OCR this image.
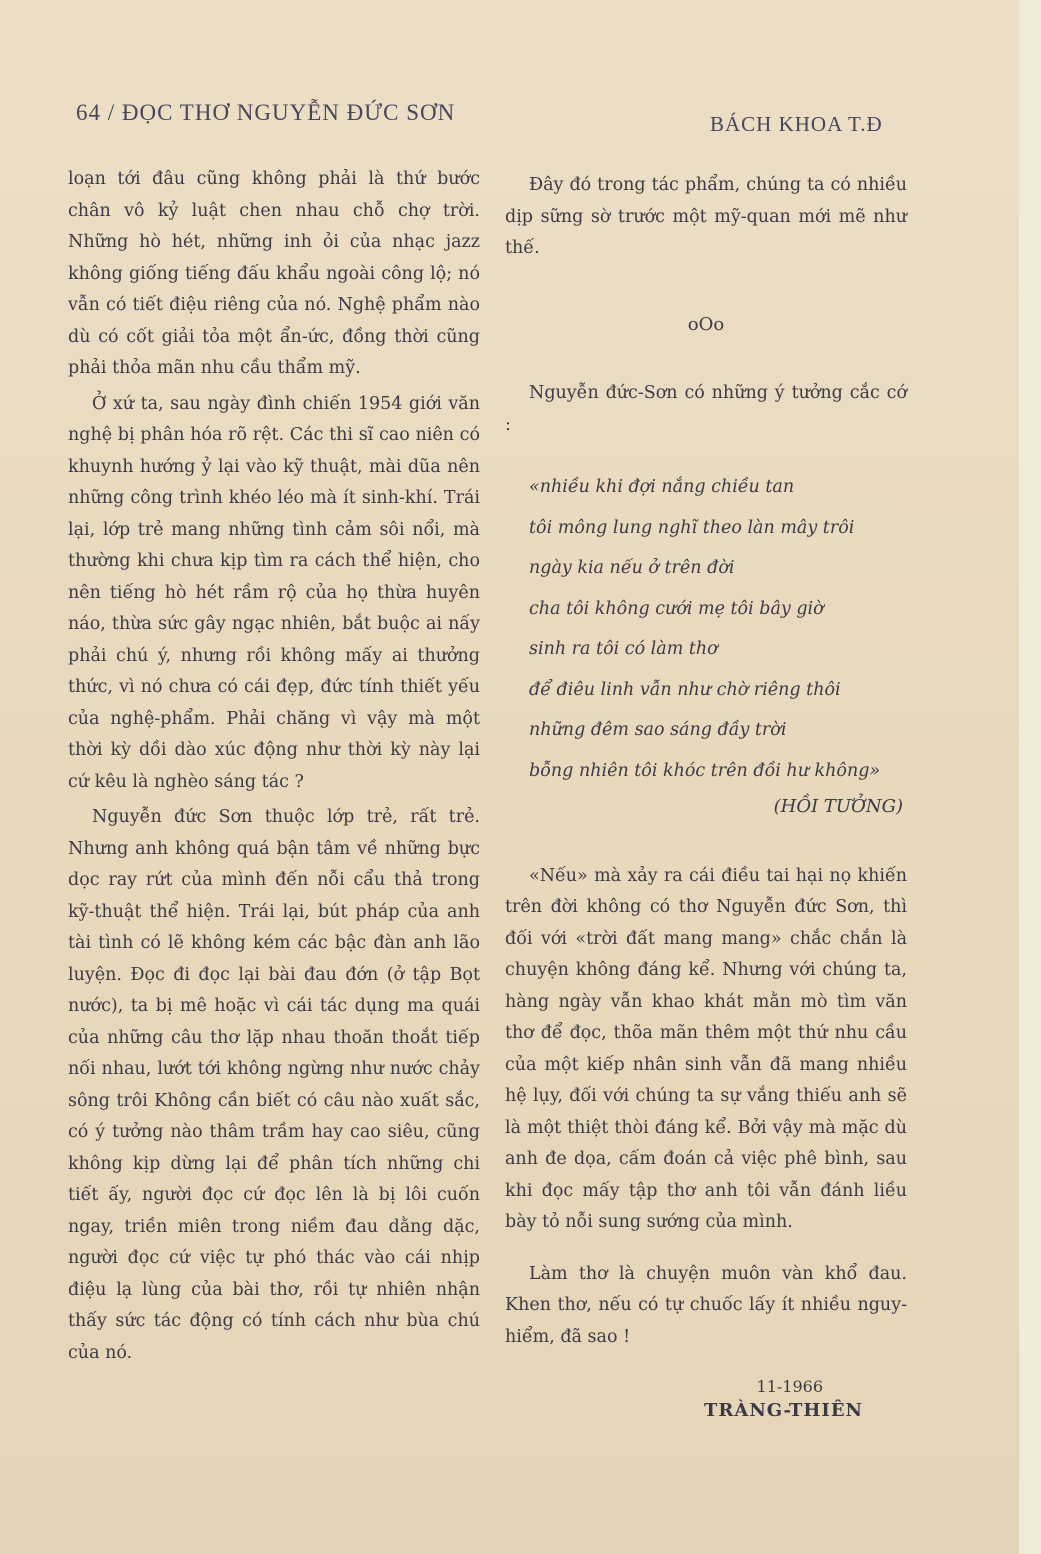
64 / ĐỌC THƠ NGUYỄN ĐỨC SƠN	BÁCH KHOA T.Đ

loạn tới đâu cũng không phải là thứ bước chân vô kỷ luật chen nhau chỗ chợ trời. Những hò hét, những inh ỏi của nhạc jazz không giống tiếng đấu khẩu ngoài công lộ; nó vẫn có tiết điệu riêng của nó. Nghệ phẩm nào dù có cốt giải tỏa một ẩn-ức, đồng thời cũng phải thỏa mãn nhu cầu thẩm mỹ.

Ở xứ ta, sau ngày đình chiến 1954 giới văn nghệ bị phân hóa rõ rệt. Các thi sĩ cao niên có khuynh hướng ỷ lại vào kỹ thuật, mài dũa nên những công trình khéo léo mà ít sinh-khí. Trái lại, lớp trẻ mang những tình cảm sôi nổi, mà thường khi chưa kịp tìm ra cách thể hiện, cho nên tiếng hò hét rầm rộ của họ thừa huyên náo, thừa sức gây ngạc nhiên, bắt buộc ai nấy phải chú ý, nhưng rồi không mấy ai thưởng thức, vì nó chưa có cái đẹp, đức tính thiết yếu của nghệ-phẩm. Phải chăng vì vậy mà một thời kỳ dồi dào xúc động như thời kỳ này lại cứ kêu là nghèo sáng tác ?

Nguyễn đức Sơn thuộc lớp trẻ, rất trẻ. Nhưng anh không quá bận tâm về những bực dọc ray rứt của mình đến nỗi cẩu thả trong kỹ-thuật thể hiện. Trái lại, bút pháp của anh tài tình có lẽ không kém các bậc đàn anh lão luyện. Đọc đi đọc lại bài đau đớn (ở tập Bọt nước), ta bị mê hoặc vì cái tác dụng ma quái của những câu thơ lặp nhau thoăn thoắt tiếp nối nhau, lướt tới không ngừng như nước chảy sông trôi Không cần biết có câu nào xuất sắc, có ý tưởng nào thâm trầm hay cao siêu, cũng không kịp dừng lại để phân tích những chi tiết ấy, người đọc cứ đọc lên là bị lôi cuốn ngay, triền miên trong niềm đau dằng dặc, người đọc cứ việc tự phó thác vào cái nhịp điệu lạ lùng của bài thơ, rồi tự nhiên nhận thấy sức tác động có tính cách như bùa chú của nó.

Đây đó trong tác phẩm, chúng ta có nhiều dịp sững sờ trước một mỹ-quan mới mẽ như thế.

oOo

Nguyễn đức-Sơn có những ý tưởng cắc cớ :

«nhiều khi đợi nắng chiều tan
tôi mông lung nghĩ theo làn mây trôi
ngày kia nếu ở trên đời
cha tôi không cưới mẹ tôi bây giờ
sinh ra tôi có làm thơ
để điêu linh vẫn như chờ riêng thôi
những đêm sao sáng đầy trời
bỗng nhiên tôi khóc trên đồi hư không»
(HỒI TƯỞNG)

«Nếu» mà xảy ra cái điều tai hại nọ khiến trên đời không có thơ Nguyễn đức Sơn, thì đối với «trời đất mang mang» chắc chắn là chuyện không đáng kể. Nhưng với chúng ta, hàng ngày vẫn khao khát mằn mò tìm văn thơ để đọc, thõa mãn thêm một thứ nhu cầu của một kiếp nhân sinh vẫn đã mang nhiều hệ lụy, đối với chúng ta sự vắng thiếu anh sẽ là một thiệt thòi đáng kể. Bởi vậy mà mặc dù anh đe dọa, cấm đoán cả việc phê bình, sau khi đọc mấy tập thơ anh tôi vẫn đánh liều bày tỏ nỗi sung sướng của mình.

Làm thơ là chuyện muôn vàn khổ đau. Khen thơ, nếu có tự chuốc lấy ít nhiều nguy-hiểm, đã sao !

11-1966
TRÀNG-THIÊN
